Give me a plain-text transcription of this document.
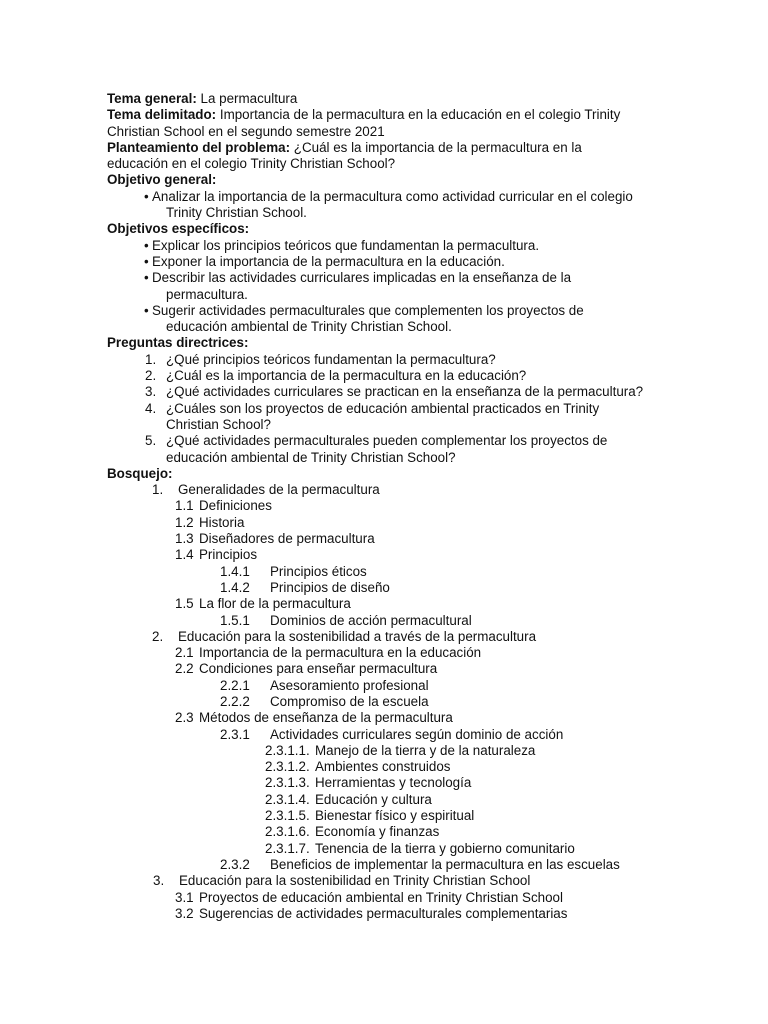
Tema general: La permacultura
Tema delimitado: Importancia de la permacultura en la educación en el colegio Trinity
Christian School en el segundo semestre 2021
Planteamiento del problema: ¿Cuál es la importancia de la permacultura en la
educación en el colegio Trinity Christian School?
Objetivo general:
• Analizar la importancia de la permacultura como actividad curricular en el colegio
Trinity Christian School.
Objetivos específicos:
• Explicar los principios teóricos que fundamentan la permacultura.
• Exponer la importancia de la permacultura en la educación.
• Describir las actividades curriculares implicadas en la enseñanza de la
permacultura.
• Sugerir actividades permaculturales que complementen los proyectos de
educación ambiental de Trinity Christian School.
Preguntas directrices:
1. ¿Qué principios teóricos fundamentan la permacultura?
2. ¿Cuál es la importancia de la permacultura en la educación?
3. ¿Qué actividades curriculares se practican en la enseñanza de la permacultura?
4. ¿Cuáles son los proyectos de educación ambiental practicados en Trinity
Christian School?
5. ¿Qué actividades permaculturales pueden complementar los proyectos de
educación ambiental de Trinity Christian School?
Bosquejo:
1.	Generalidades de la permacultura
1.1 Definiciones
1.2 Historia
1.3 Diseñadores de permacultura
1.4 Principios
1.4.1	Principios éticos
1.4.2	Principios de diseño
1.5 La flor de la permacultura
1.5.1	Dominios de acción permacultural
2.	Educación para la sostenibilidad a través de la permacultura
2.1 Importancia de la permacultura en la educación
2.2 Condiciones para enseñar permacultura
2.2.1	Asesoramiento profesional
2.2.2	Compromiso de la escuela
2.3 Métodos de enseñanza de la permacultura
2.3.1	Actividades curriculares según dominio de acción
2.3.1.1. Manejo de la tierra y de la naturaleza
2.3.1.2. Ambientes construidos
2.3.1.3. Herramientas y tecnología
2.3.1.4. Educación y cultura
2.3.1.5. Bienestar físico y espiritual
2.3.1.6. Economía y finanzas
2.3.1.7. Tenencia de la tierra y gobierno comunitario
2.3.2	Beneficios de implementar la permacultura en las escuelas
3.	Educación para la sostenibilidad en Trinity Christian School
3.1 Proyectos de educación ambiental en Trinity Christian School
3.2 Sugerencias de actividades permaculturales complementarias
